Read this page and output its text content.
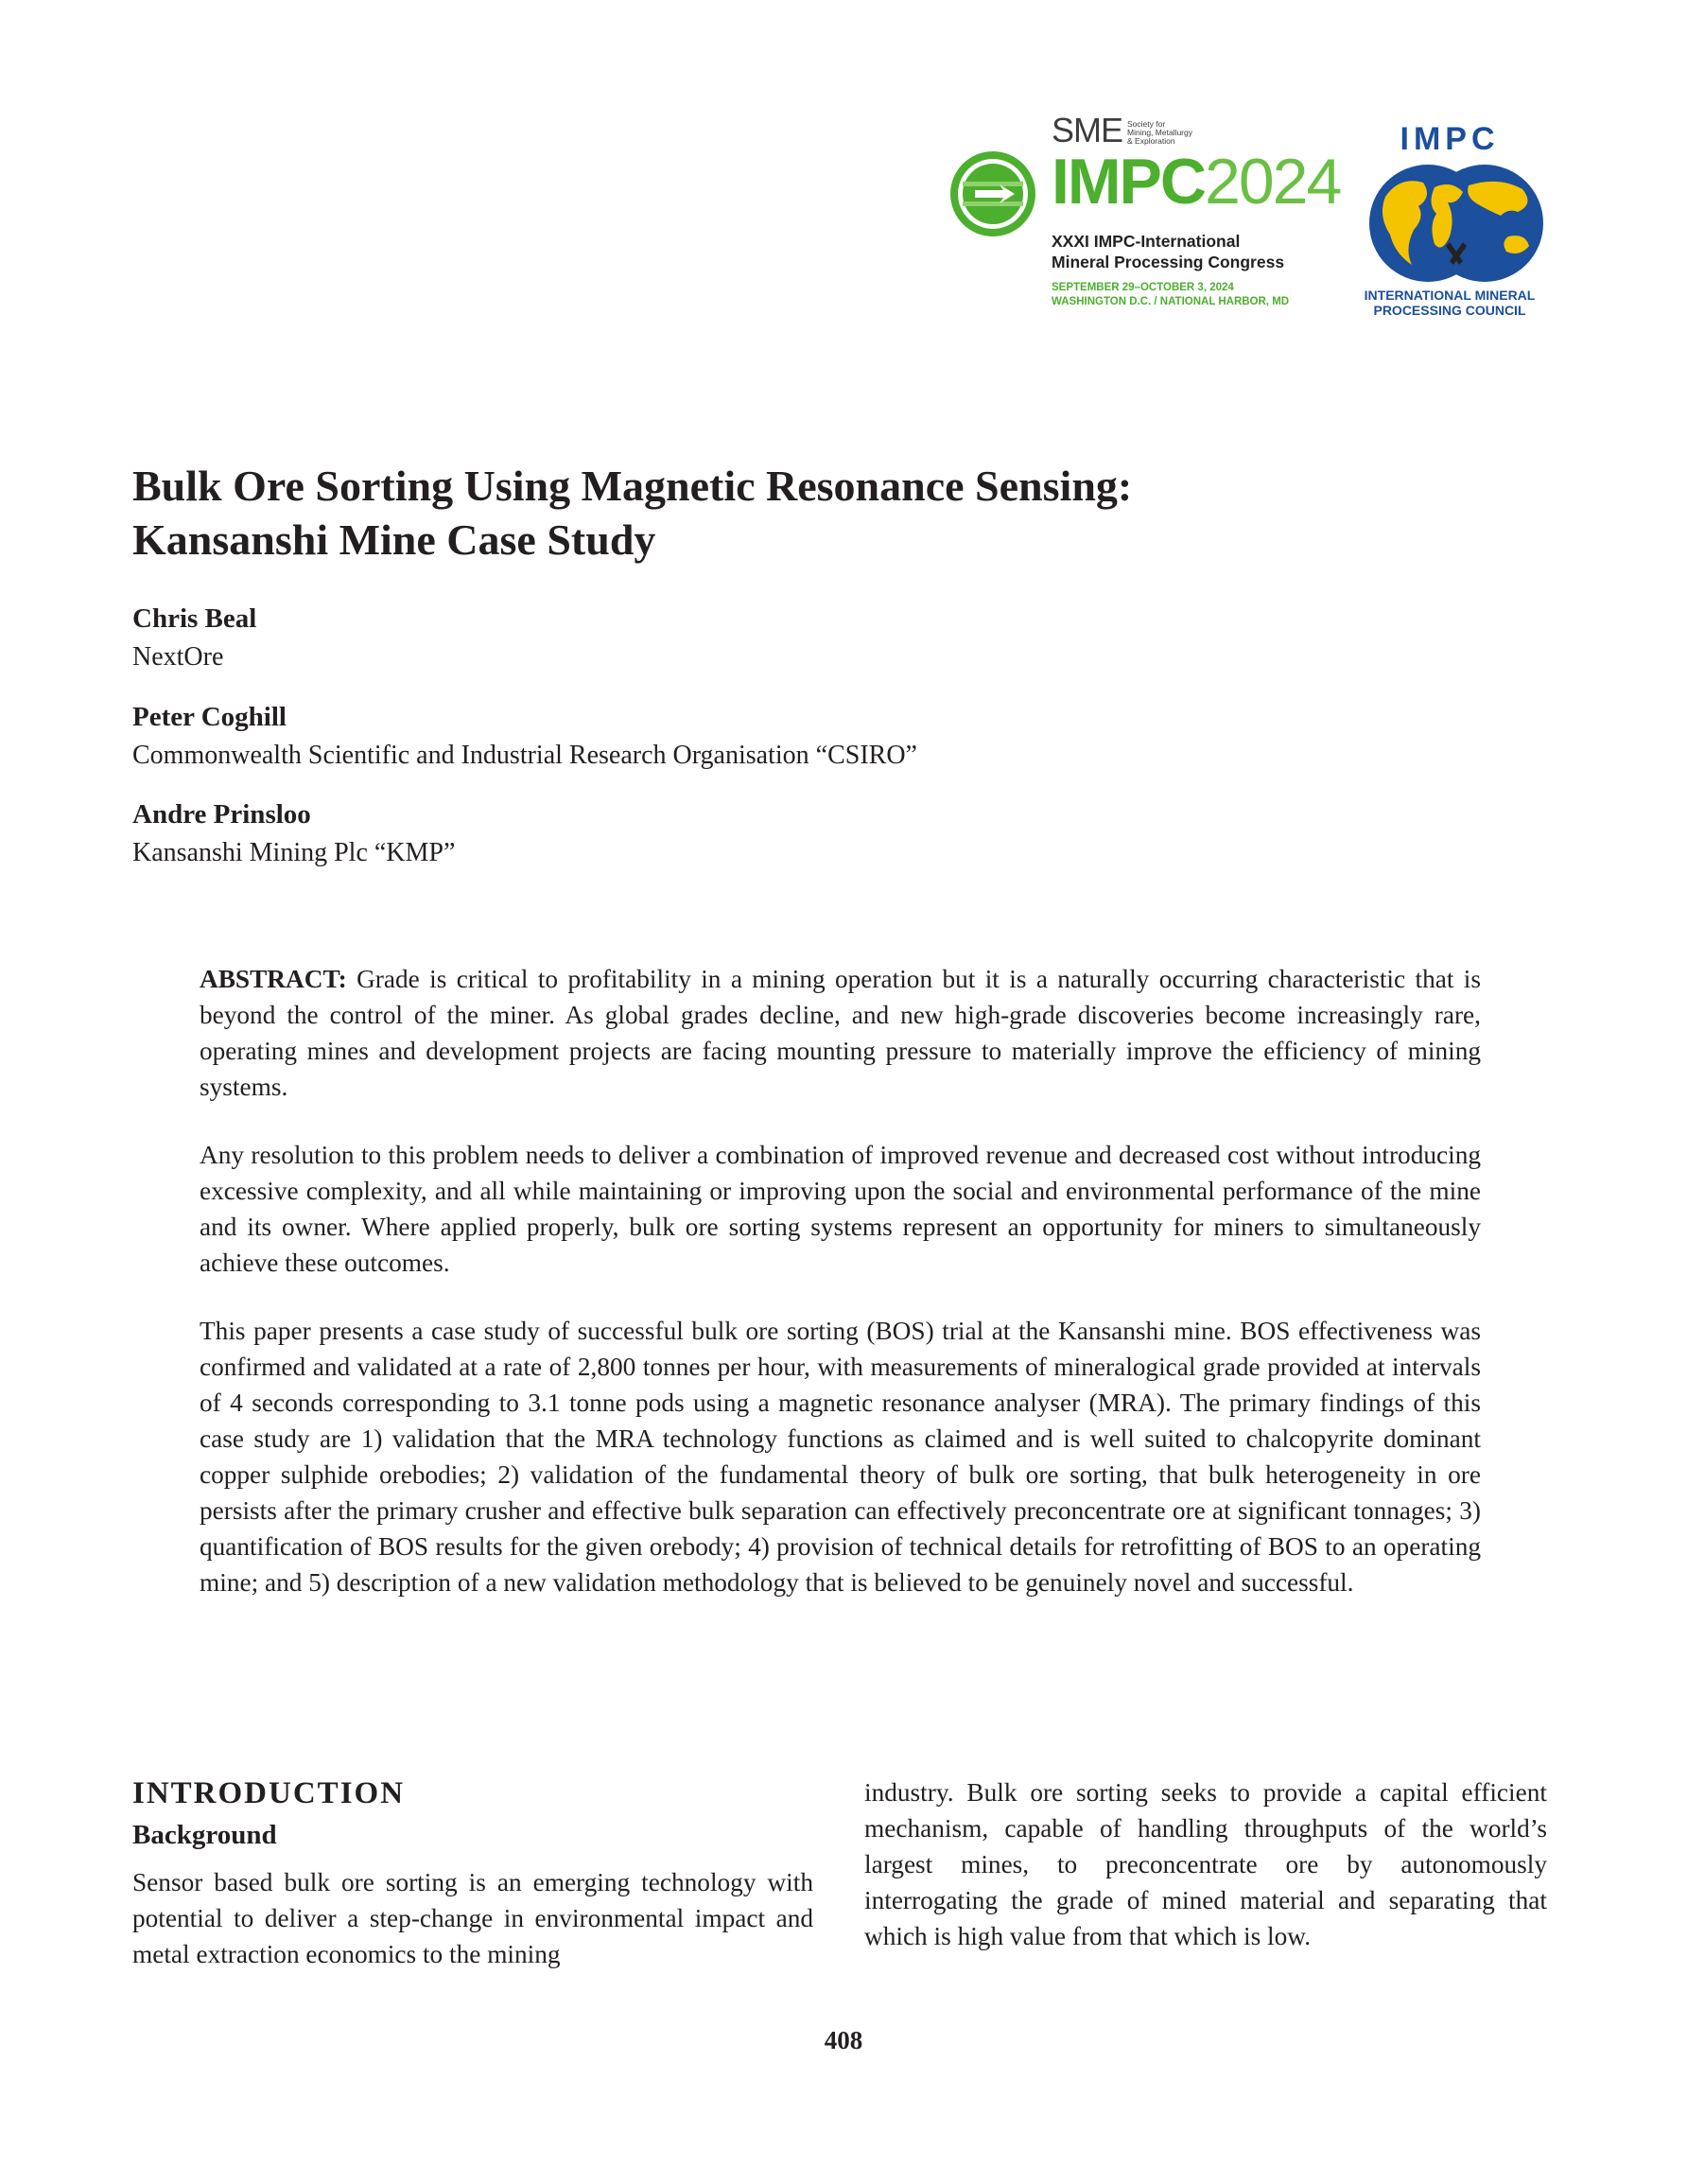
SME Society for
Mining, Metallurgy
& Exploration
IMPC2024
XXXI IMPC-International
Mineral Processing Congress
SEPTEMBER 29–OCTOBER 3, 2024
WASHINGTON D.C. / NATIONAL HARBOR, MD
IMPC
INTERNATIONAL MINERAL
PROCESSING COUNCIL
Bulk Ore Sorting Using Magnetic Resonance Sensing:
Kansanshi Mine Case Study
Chris Beal
NextOre
Peter Coghill
Commonwealth Scientific and Industrial Research Organisation “CSIRO”
Andre Prinsloo
Kansanshi Mining Plc “KMP”

ABSTRACT: Grade is critical to profitability in a mining operation but it is a naturally occurring characteristic that is beyond the control of the miner. As global grades decline, and new high-grade discoveries become increasingly rare, operating mines and development projects are facing mounting pressure to materially improve the efficiency of mining systems.

Any resolution to this problem needs to deliver a combination of improved revenue and decreased cost without introducing excessive complexity, and all while maintaining or improving upon the social and environmental performance of the mine and its owner. Where applied properly, bulk ore sorting systems represent an opportunity for miners to simultaneously achieve these outcomes.

This paper presents a case study of successful bulk ore sorting (BOS) trial at the Kansanshi mine. BOS effectiveness was confirmed and validated at a rate of 2,800 tonnes per hour, with measurements of mineralogical grade provided at intervals of 4 seconds corresponding to 3.1 tonne pods using a magnetic resonance analyser (MRA). The primary findings of this case study are 1) validation that the MRA technology functions as claimed and is well suited to chalcopyrite dominant copper sulphide orebodies; 2) validation of the fundamental theory of bulk ore sorting, that bulk heterogeneity in ore persists after the primary crusher and effective bulk separation can effectively preconcentrate ore at significant tonnages; 3) quantification of BOS results for the given orebody; 4) provision of technical details for retrofitting of BOS to an operating mine; and 5) description of a new validation methodology that is believed to be genuinely novel and successful.

INTRODUCTION
Background

Sensor based bulk ore sorting is an emerging technology with potential to deliver a step-change in environmental impact and metal extraction economics to the mining

industry. Bulk ore sorting seeks to provide a capital efficient mechanism, capable of handling throughputs of the world’s largest mines, to preconcentrate ore by autonomously interrogating the grade of mined material and separating that which is high value from that which is low.

408
